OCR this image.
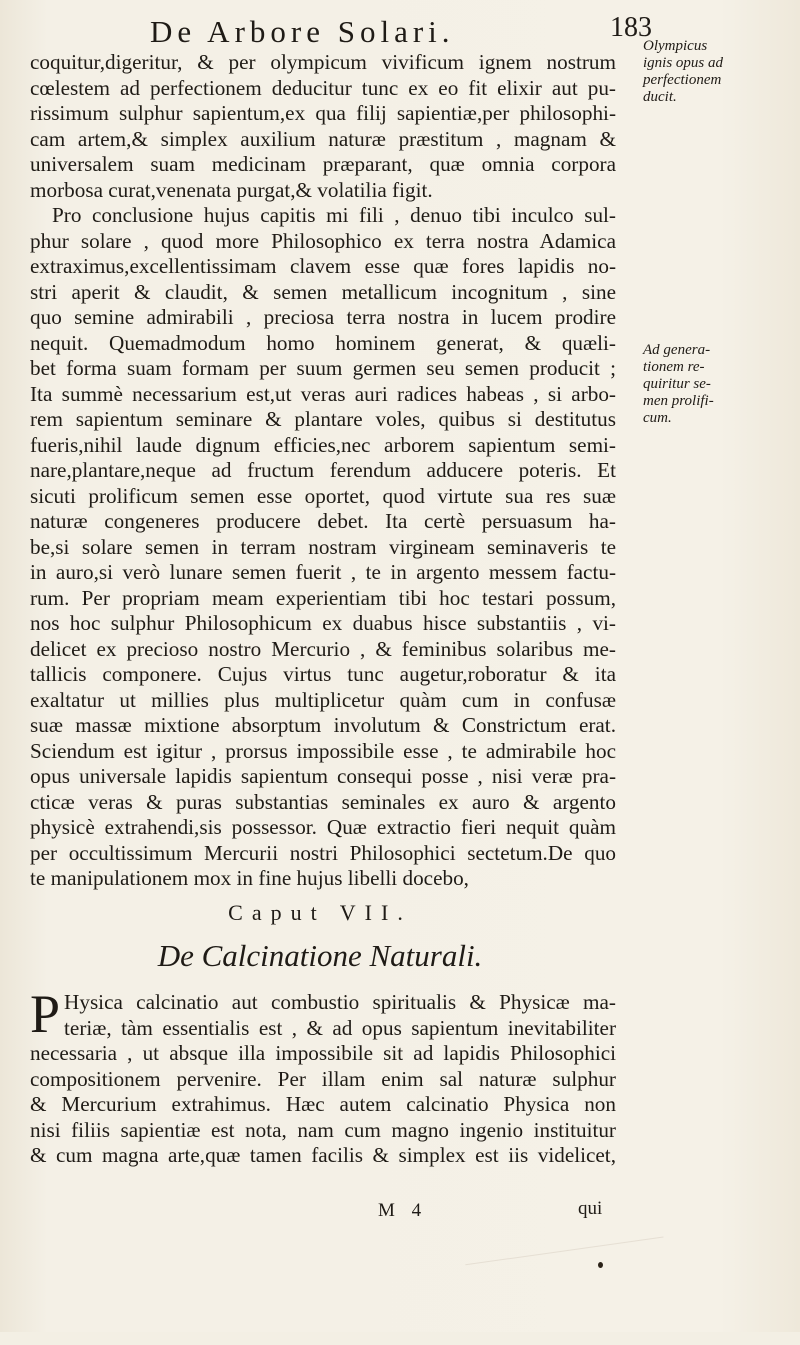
De Arbore Solari.	183
coquitur,digeritur, & per olympicum vivificum ignem nostrum
cœlestem ad perfectionem deducitur tunc ex eo fit elixir aut pu-
rissimum sulphur sapientum,ex qua filij sapientiæ,per philosophi-
cam artem,& simplex auxilium naturæ præstitum , magnam &
universalem suam medicinam præparant, quæ omnia corpora
morbosa curat,venenata purgat,& volatilia figit.
Pro conclusione hujus capitis mi fili , denuo tibi inculco sul-
phur solare , quod more Philosophico ex terra nostra Adamica
extraximus,excellentissimam clavem esse quæ fores lapidis no-
stri aperit & claudit, & semen metallicum incognitum , sine
quo semine admirabili , preciosa terra nostra in lucem prodire
nequit. Quemadmodum homo hominem generat, & quæli-
bet forma suam formam per suum germen seu semen producit ;
Ita summè necessarium est,ut veras auri radices habeas , si arbo-
rem sapientum seminare & plantare voles, quibus si destitutus
fueris,nihil laude dignum efficies,nec arborem sapientum semi-
nare,plantare,neque ad fructum ferendum adducere poteris. Et
sicuti prolificum semen esse oportet, quod virtute sua res suæ
naturæ congeneres producere debet. Ita certè persuasum ha-
be,si solare semen in terram nostram virgineam seminaveris te
in auro,si verò lunare semen fuerit , te in argento messem factu-
rum. Per propriam meam experientiam tibi hoc testari possum,
nos hoc sulphur Philosophicum ex duabus hisce substantiis , vi-
delicet ex precioso nostro Mercurio , & feminibus solaribus me-
tallicis componere. Cujus virtus tunc augetur,roboratur & ita
exaltatur ut millies plus multiplicetur quàm cum in confusæ
suæ massæ mixtione absorptum involutum & Constrictum erat.
Sciendum est igitur , prorsus impossibile esse , te admirabile hoc
opus universale lapidis sapientum consequi posse , nisi veræ pra-
cticæ veras & puras substantias seminales ex auro & argento
physicè extrahendi,sis possessor. Quæ extractio fieri nequit quàm
per occultissimum Mercurii nostri Philosophici sectetum.De quo
te manipulationem mox in fine hujus libelli docebo,
Olympicus
ignis opus ad
perfectionem
ducit.
Ad genera-
tionem re-
quiritur se-
men prolifi-
cum.
Caput VII.
De Calcinatione Naturali.
P Hysica calcinatio aut combustio spiritualis & Physicæ ma-
teriæ, tàm essentialis est , & ad opus sapientum inevitabiliter
necessaria , ut absque illa impossibile sit ad lapidis Philosophici
compositionem pervenire. Per illam enim sal naturæ sulphur
& Mercurium extrahimus. Hæc autem calcinatio Physica non
nisi filiis sapientiæ est nota, nam cum magno ingenio instituitur
& cum magna arte,quæ tamen facilis & simplex est iis videlicet,
M 4	qui
